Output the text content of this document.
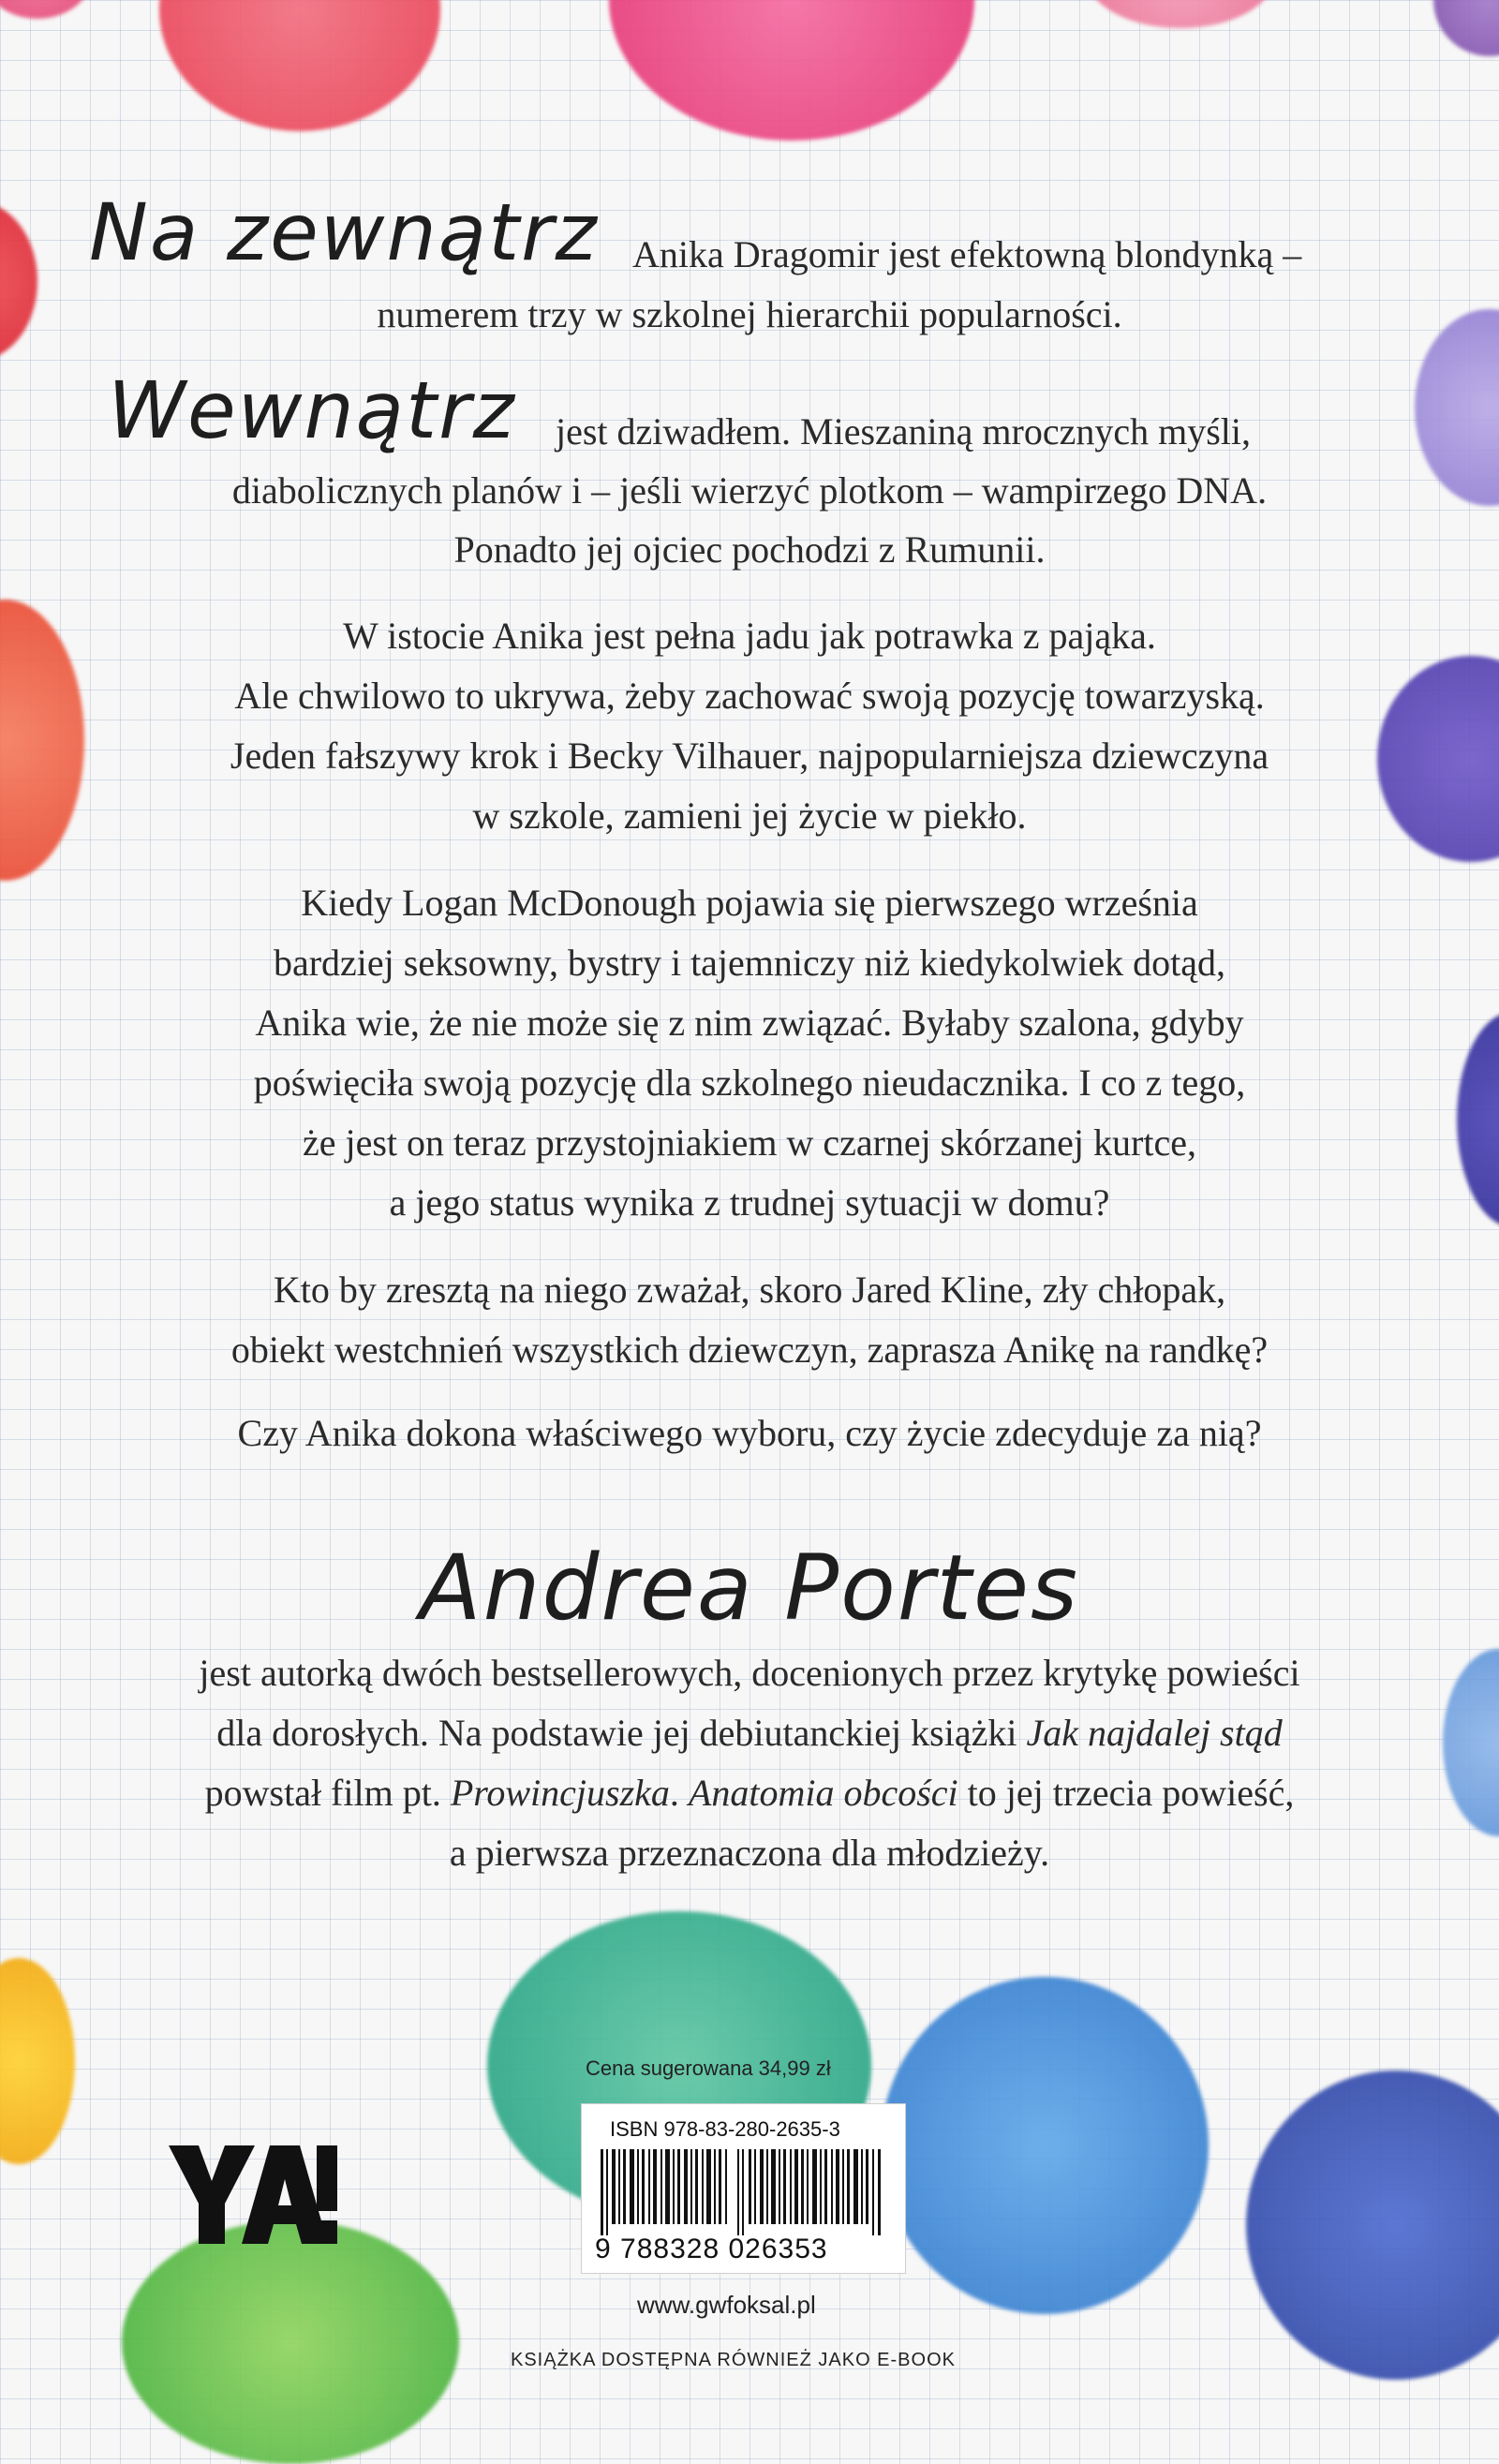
Na zewnątrz Anika Dragomir jest efektowną blondynką –
numerem trzy w szkolnej hierarchii popularności.
Wewnątrz jest dziwadłem. Mieszaniną mrocznych myśli,
diabolicznych planów i – jeśli wierzyć plotkom – wampirzego DNA.
Ponadto jej ojciec pochodzi z Rumunii.
W istocie Anika jest pełna jadu jak potrawka z pająka.
Ale chwilowo to ukrywa, żeby zachować swoją pozycję towarzyską.
Jeden fałszywy krok i Becky Vilhauer, najpopularniejsza dziewczyna
w szkole, zamieni jej życie w piekło.
Kiedy Logan McDonough pojawia się pierwszego września
bardziej seksowny, bystry i tajemniczy niż kiedykolwiek dotąd,
Anika wie, że nie może się z nim związać. Byłaby szalona, gdyby
poświęciła swoją pozycję dla szkolnego nieudacznika. I co z tego,
że jest on teraz przystojniakiem w czarnej skórzanej kurtce,
a jego status wynika z trudnej sytuacji w domu?
Kto by zresztą na niego zważał, skoro Jared Kline, zły chłopak,
obiekt westchnień wszystkich dziewczyn, zaprasza Anikę na randkę?
Czy Anika dokona właściwego wyboru, czy życie zdecyduje za nią?
Andrea Portes
jest autorką dwóch bestsellerowych, docenionych przez krytykę powieści
dla dorosłych. Na podstawie jej debiutanckiej książki Jak najdalej stąd
powstał film pt. Prowincjuszka. Anatomia obcości to jej trzecia powieść,
a pierwsza przeznaczona dla młodzieży.
Cena sugerowana 34,99 zł
ISBN 978-83-280-2635-3
9 788328 026353
www.gwfoksal.pl
KSIĄŻKA DOSTĘPNA RÓWNIEŻ JAKO E-BOOK
